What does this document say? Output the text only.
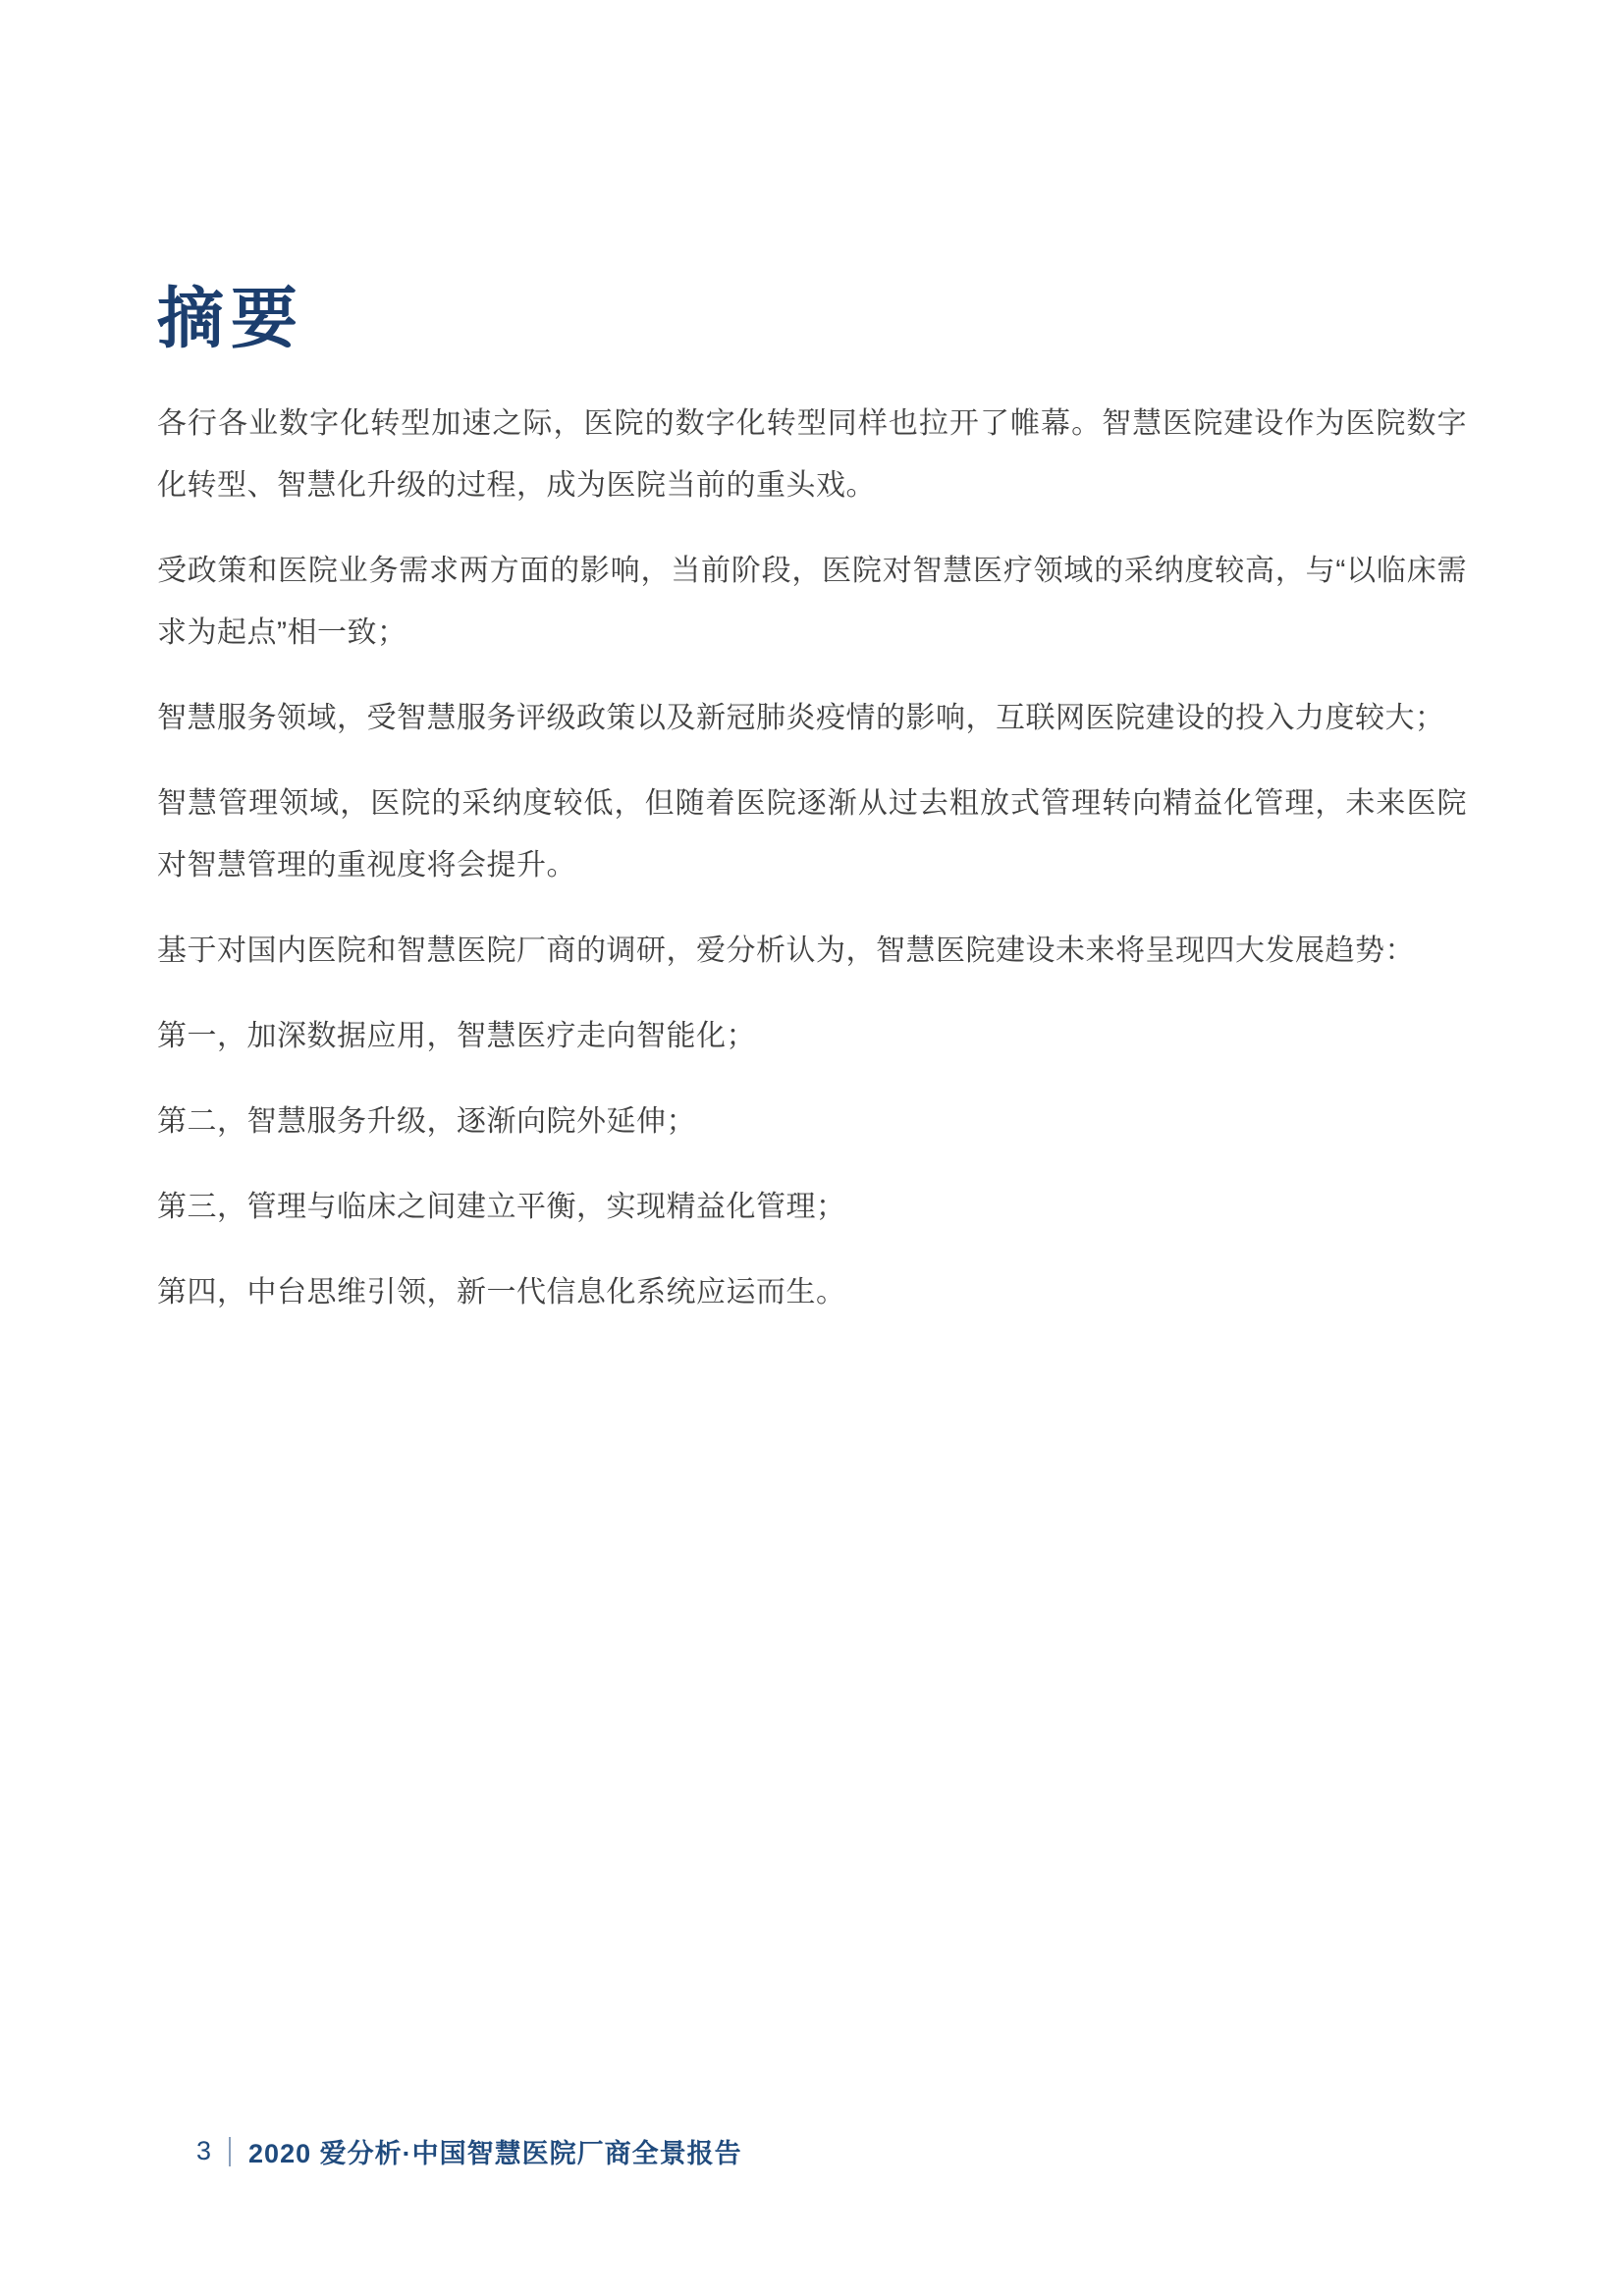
摘要

各行各业数字化转型加速之际，医院的数字化转型同样也拉开了帷幕。智慧医院建设作为医院数字化转型、智慧化升级的过程，成为医院当前的重头戏。

受政策和医院业务需求两方面的影响，当前阶段，医院对智慧医疗领域的采纳度较高，与“以临床需求为起点”相一致；

智慧服务领域，受智慧服务评级政策以及新冠肺炎疫情的影响，互联网医院建设的投入力度较大；

智慧管理领域，医院的采纳度较低，但随着医院逐渐从过去粗放式管理转向精益化管理，未来医院对智慧管理的重视度将会提升。

基于对国内医院和智慧医院厂商的调研，爱分析认为，智慧医院建设未来将呈现四大发展趋势：

第一，加深数据应用，智慧医疗走向智能化；

第二，智慧服务升级，逐渐向院外延伸；

第三，管理与临床之间建立平衡，实现精益化管理；

第四，中台思维引领，新一代信息化系统应运而生。

3 2020 爱分析·中国智慧医院厂商全景报告
